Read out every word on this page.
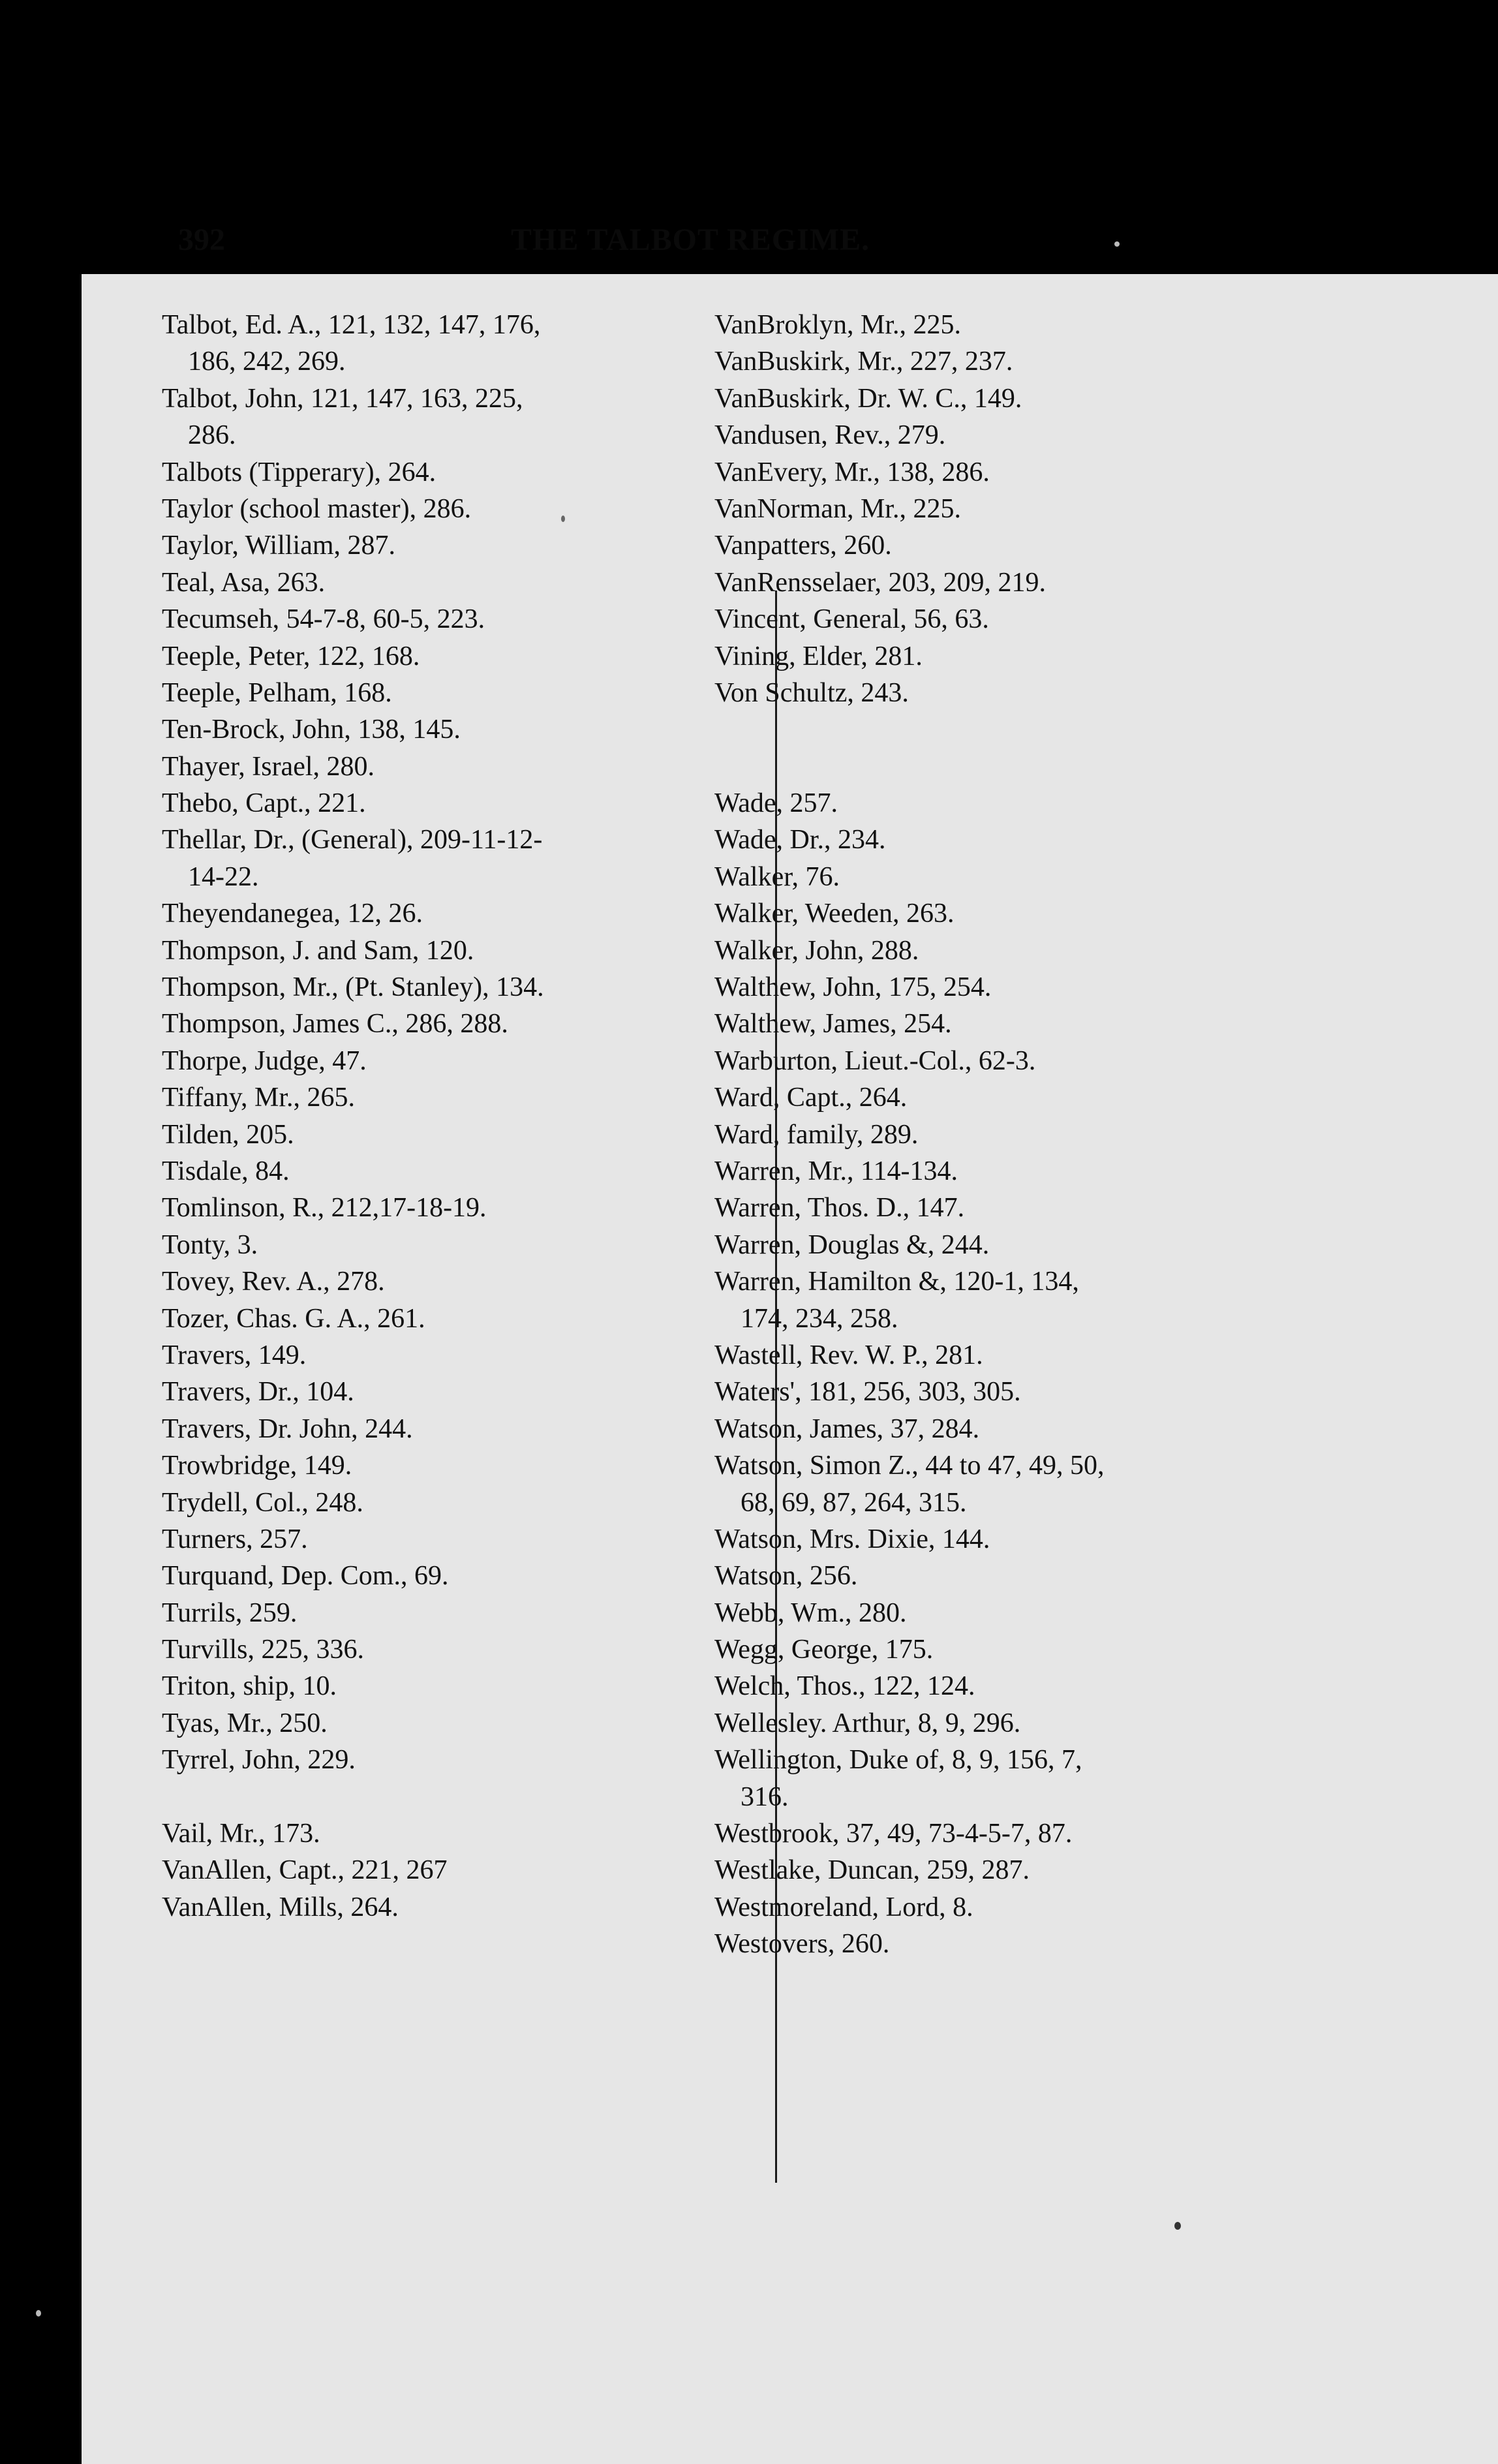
392	THE TALBOT REGIME.
Talbot, Ed. A., 121, 132, 147, 176,
186, 242, 269.
Talbot, John, 121, 147, 163, 225,
286.
Talbots (Tipperary), 264.
Taylor (school master), 286.
Taylor, William, 287.
Teal, Asa, 263.
Tecumseh, 54-7-8, 60-5, 223.
Teeple, Peter, 122, 168.
Teeple, Pelham, 168.
Ten-Brock, John, 138, 145.
Thayer, Israel, 280.
Thebo, Capt., 221.
Thellar, Dr., (General), 209-11-12-
14-22.
Theyendanegea, 12, 26.
Thompson, J. and Sam, 120.
Thompson, Mr., (Pt. Stanley), 134.
Thompson, James C., 286, 288.
Thorpe, Judge, 47.
Tiffany, Mr., 265.
Tilden, 205.
Tisdale, 84.
Tomlinson, R., 212,17-18-19.
Tonty, 3.
Tovey, Rev. A., 278.
Tozer, Chas. G. A., 261.
Travers, 149.
Travers, Dr., 104.
Travers, Dr. John, 244.
Trowbridge, 149.
Trydell, Col., 248.
Turners, 257.
Turquand, Dep. Com., 69.
Turrils, 259.
Turvills, 225, 336.
Triton, ship, 10.
Tyas, Mr., 250.
Tyrrel, John, 229.
Vail, Mr., 173.
VanAllen, Capt., 221, 267
VanAllen, Mills, 264.
VanBroklyn, Mr., 225.
VanBuskirk, Mr., 227, 237.
VanBuskirk, Dr. W. C., 149.
Vandusen, Rev., 279.
VanEvery, Mr., 138, 286.
VanNorman, Mr., 225.
Vanpatters, 260.
VanRensselaer, 203, 209, 219.
Vincent, General, 56, 63.
Vining, Elder, 281.
Von Schultz, 243.
Wade, 257.
Wade, Dr., 234.
Walker, 76.
Walker, Weeden, 263.
Walker, John, 288.
Walthew, John, 175, 254.
Walthew, James, 254.
Warburton, Lieut.-Col., 62-3.
Ward, Capt., 264.
Ward, family, 289.
Warren, Mr., 114-134.
Warren, Thos. D., 147.
Warren, Douglas &, 244.
Warren, Hamilton &, 120-1, 134,
174, 234, 258.
Wastell, Rev. W. P., 281.
Waters', 181, 256, 303, 305.
Watson, James, 37, 284.
Watson, Simon Z., 44 to 47, 49, 50,
68, 69, 87, 264, 315.
Watson, Mrs. Dixie, 144.
Watson, 256.
Webb, Wm., 280.
Wegg, George, 175.
Welch, Thos., 122, 124.
Wellesley. Arthur, 8, 9, 296.
Wellington, Duke of, 8, 9, 156, 7,
316.
Westbrook, 37, 49, 73-4-5-7, 87.
Westlake, Duncan, 259, 287.
Westmoreland, Lord, 8.
Westovers, 260.
